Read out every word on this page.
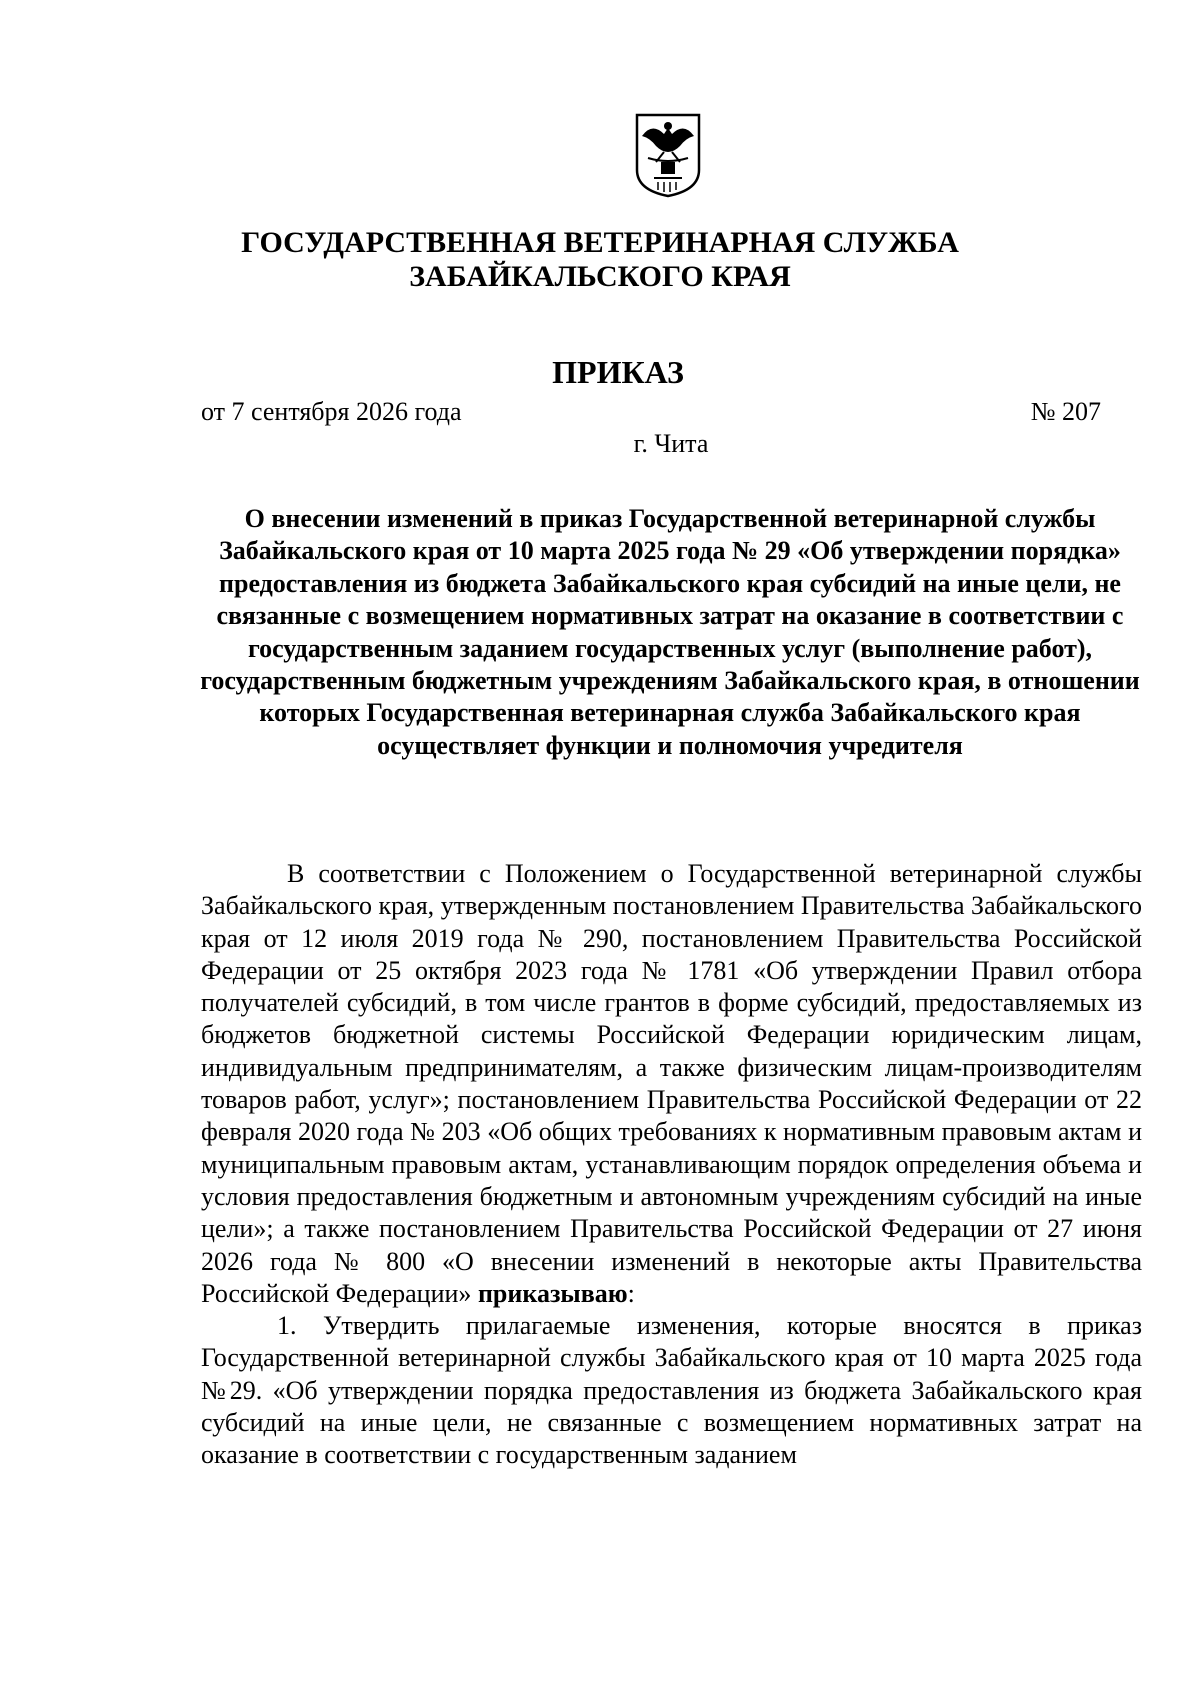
ГОСУДАРСТВЕННАЯ ВЕТЕРИНАРНАЯ СЛУЖБА
ЗАБАЙКАЛЬСКОГО КРАЯ
ПРИКАЗ
от 7 сентября 2026 года	№ 207
г. Чита
О внесении изменений в приказ Государственной ветеринарной службы Забайкальского края от 10 марта 2025 года № 29 «Об утверждении порядка» предоставления из бюджета Забайкальского края субсидий на иные цели, не связанные с возмещением нормативных затрат на оказание в соответствии с государственным заданием государственных услуг (выполнение работ), государственным бюджетным учреждениям Забайкальского края, в отношении которых Государственная ветеринарная служба Забайкальского края осуществляет функции и полномочия учредителя

В соответствии с Положением о Государственной ветеринарной службы Забайкальского края, утвержденным постановлением Правительства Забайкальского края от 12 июля 2019 года № 290, постановлением Правительства Российской Федерации от 25 октября 2023 года № 1781 «Об утверждении Правил отбора получателей субсидий, в том числе грантов в форме субсидий, предоставляемых из бюджетов бюджетной системы Российской Федерации юридическим лицам, индивидуальным предпринимателям, а также физическим лицам-производителям товаров работ, услуг»; постановлением Правительства Российской Федерации от 22 февраля 2020 года № 203 «Об общих требованиях к нормативным правовым актам и муниципальным правовым актам, устанавливающим порядок определения объема и условия предоставления бюджетным и автономным учреждениям субсидий на иные цели»; а также постановлением Правительства Российской Федерации от 27 июня 2026 года № 800 «О внесении изменений в некоторые акты Правительства Российской Федерации» приказываю:

1. Утвердить прилагаемые изменения, которые вносятся в приказ Государственной ветеринарной службы Забайкальского края от 10 марта 2025 года №29. «Об утверждении порядка предоставления из бюджета Забайкальского края субсидий на иные цели, не связанные с возмещением нормативных затрат на оказание в соответствии с государственным заданием
